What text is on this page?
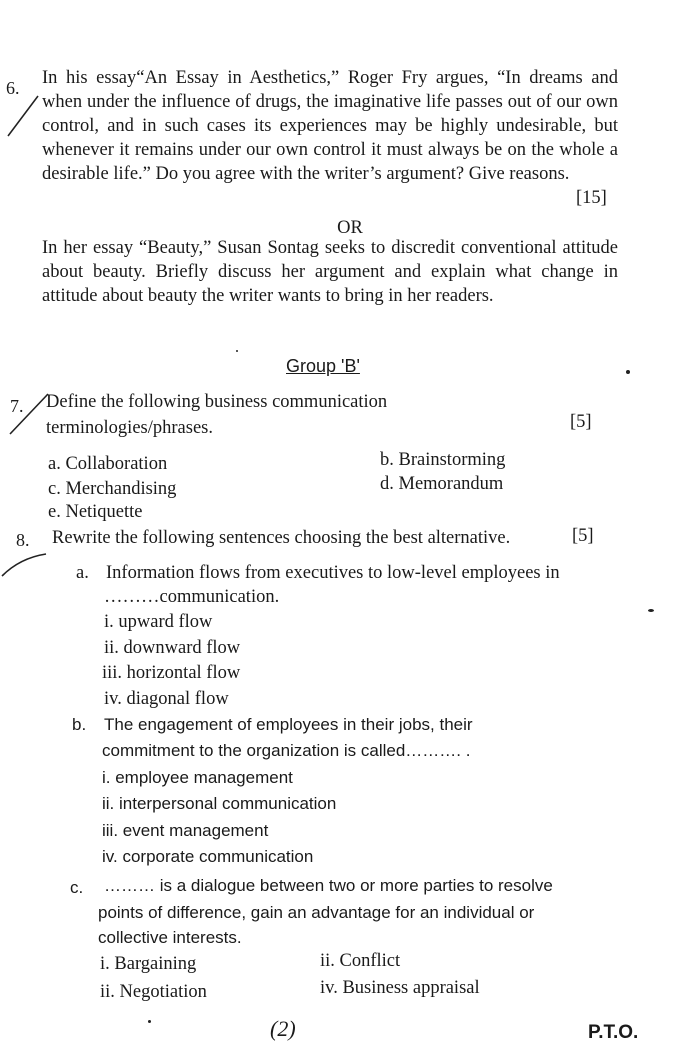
6. In his essay“An Essay in Aesthetics,” Roger Fry argues, “In dreams and when under the influence of drugs, the imaginative life passes out of our own control, and in such cases its experiences may be highly undesirable, but whenever it remains under our own control it must always be on the whole a desirable life.” Do you agree with the writer’s argument? Give reasons.
[15]
OR
In her essay “Beauty,” Susan Sontag seeks to discredit conventional attitude about beauty. Briefly discuss her argument and explain what change in attitude about beauty the writer wants to bring in her readers.
Group 'B'
7. Define the following business communication
terminologies/phrases.	[5]
a. Collaboration	b. Brainstorming
c. Merchandising	d. Memorandum
e. Netiquette
8. Rewrite the following sentences choosing the best alternative.	[5]
a. Information flows from executives to low-level employees in
………communication.
i. upward flow
ii. downward flow
iii. horizontal flow
iv. diagonal flow
b. The engagement of employees in their jobs, their
commitment to the organization is called………. .
i. employee management
ii. interpersonal communication
iii. event management
iv. corporate communication
c. ……… is a dialogue between two or more parties to resolve
points of difference, gain an advantage for an individual or
collective interests.
i. Bargaining	ii. Conflict
ii. Negotiation	iv. Business appraisal
(2)	P.T.O.
